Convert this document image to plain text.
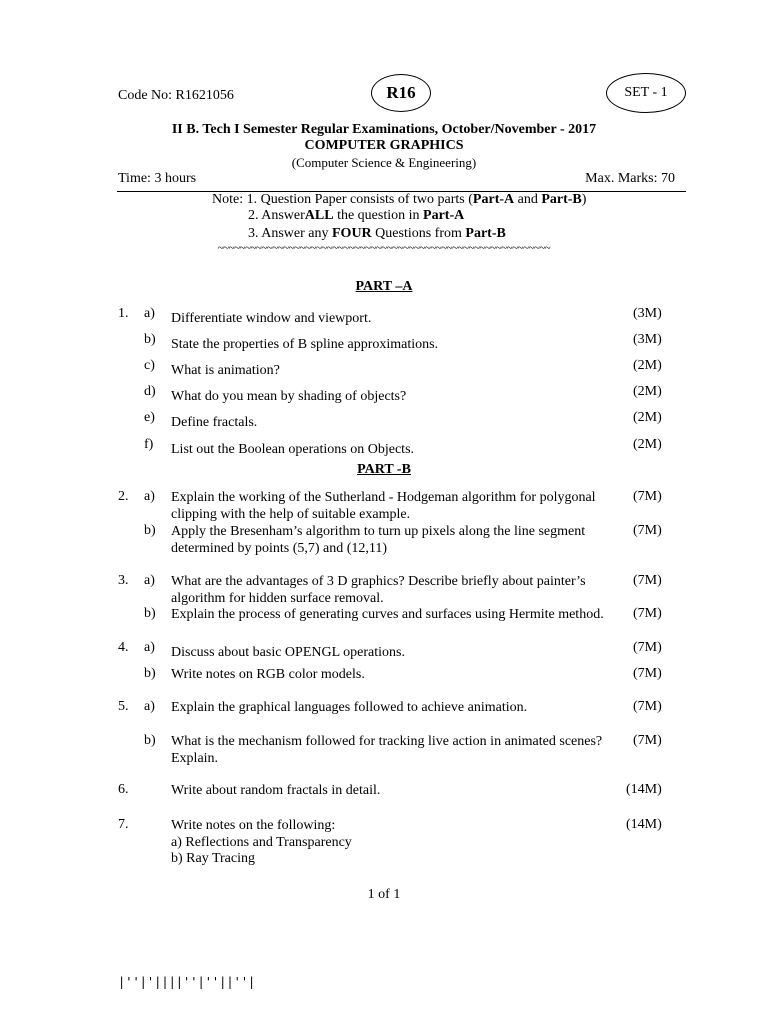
Code No: R1621056	R16	SET - 1
II B. Tech I Semester Regular Examinations, October/November - 2017
COMPUTER GRAPHICS
(Computer Science & Engineering)
Time: 3 hours	Max. Marks: 70
Note: 1. Question Paper consists of two parts (Part-A and Part-B)
2. AnswerALL the question in Part-A
3. Answer any FOUR Questions from Part-B
~~~~~~~~~~~~~~~~~~~~~~~~~~~~~~~~~~~~~~~~~~~~~~~~~~~~~~~~~~~~~
PART –A
1. a) Differentiate window and viewport.	(3M)
b) State the properties of B spline approximations.	(3M)
c) What is animation?	(2M)
d) What do you mean by shading of objects?	(2M)
e) Define fractals.	(2M)
f) List out the Boolean operations on Objects.	(2M)
PART -B
2. a) Explain the working of the Sutherland - Hodgeman algorithm for polygonal
clipping with the help of suitable example.
(7M)
b) Apply the Bresenham’s algorithm to turn up pixels along the line segment
determined by points (5,7) and (12,11)
(7M)
3. a) What are the advantages of 3 D graphics? Describe briefly about painter’s
algorithm for hidden surface removal.
(7M)
b) Explain the process of generating curves and surfaces using Hermite method. (7M)
4. a) Discuss about basic OPENGL operations.	(7M)
b) Write notes on RGB color models.	(7M)
5. a) Explain the graphical languages followed to achieve animation.	(7M)
b) What is the mechanism followed for tracking live action in animated scenes?
Explain.
(7M)
6.	Write about random fractals in detail.	(14M)
7.	Write notes on the following:
a) Reflections and Transparency
b) Ray Tracing
(14M)
1 of 1
|''|'||||''|''||''|
